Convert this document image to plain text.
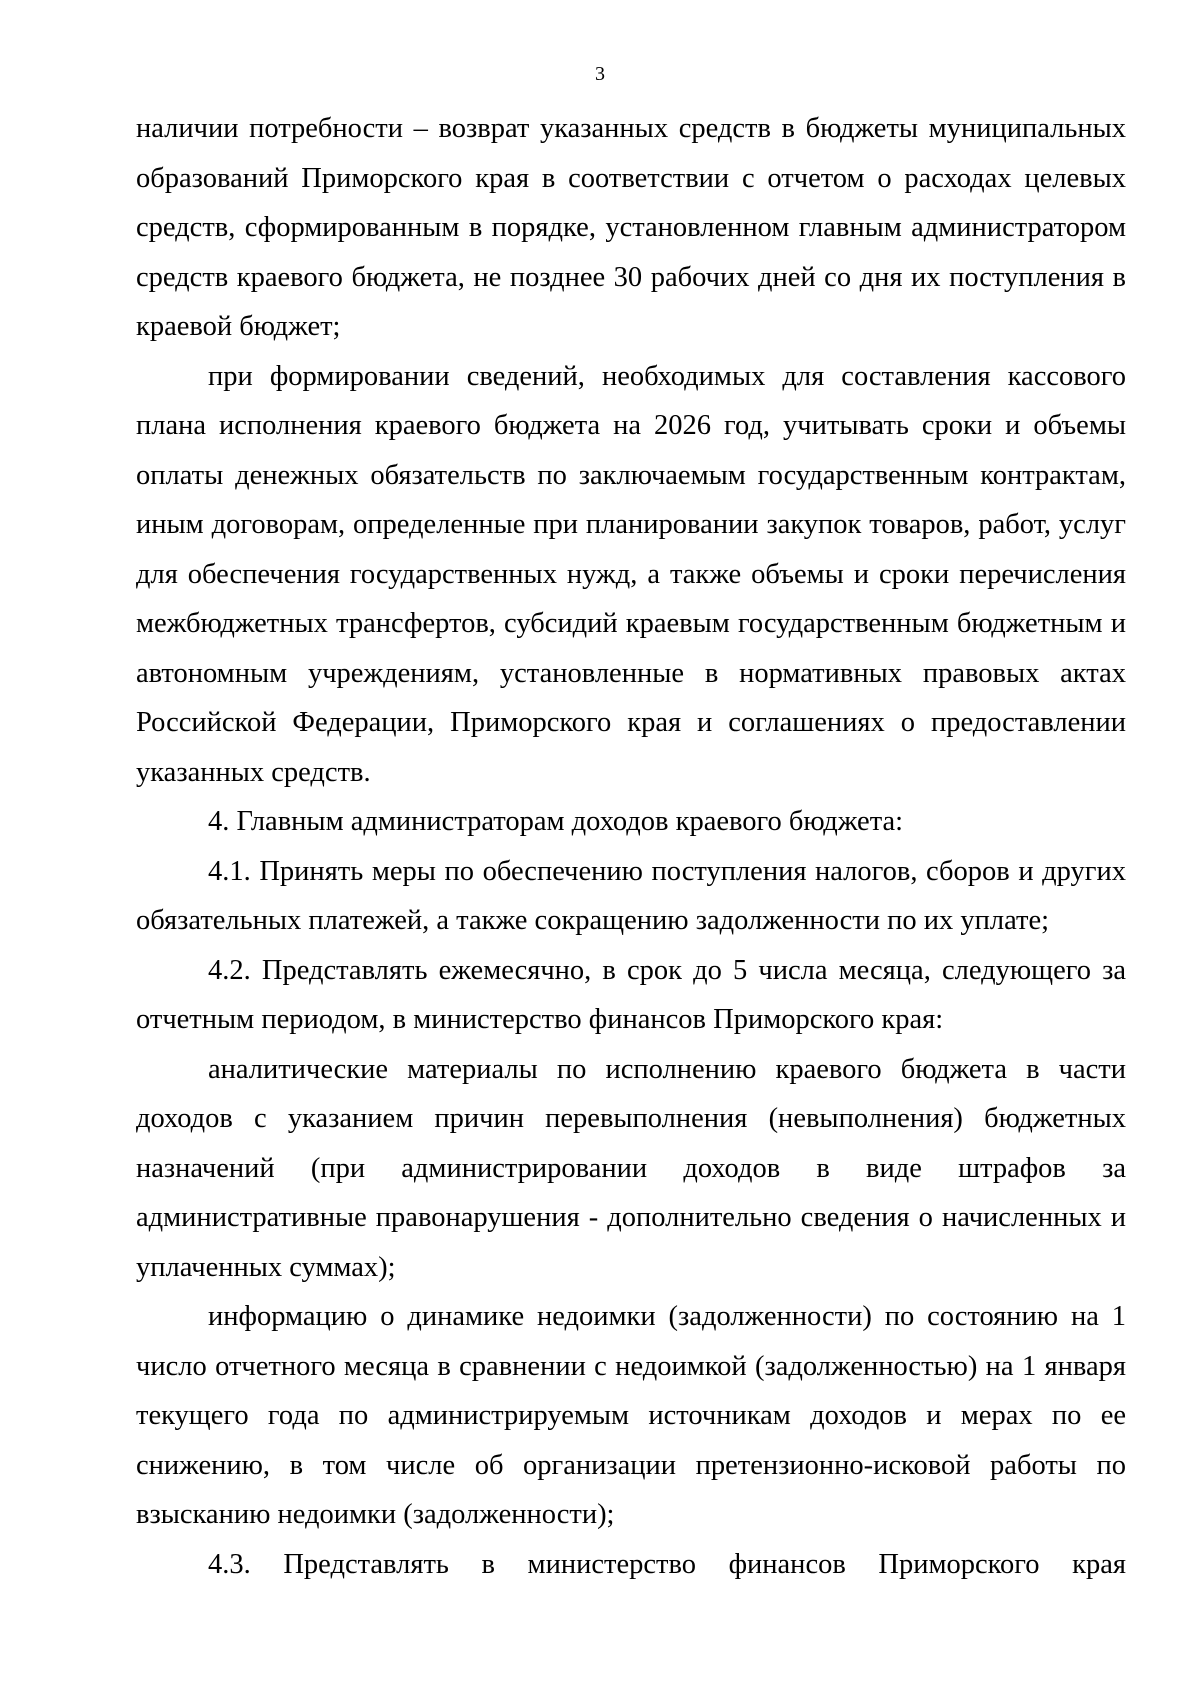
3

наличии потребности – возврат указанных средств в бюджеты муниципальных образований Приморского края в соответствии с отчетом о расходах целевых средств, сформированным в порядке, установленном главным администратором средств краевого бюджета, не позднее 30 рабочих дней со дня их поступления в краевой бюджет;

при формировании сведений, необходимых для составления кассового плана исполнения краевого бюджета на 2026 год, учитывать сроки и объемы оплаты денежных обязательств по заключаемым государственным контрактам, иным договорам, определенные при планировании закупок товаров, работ, услуг для обеспечения государственных нужд, а также объемы и сроки перечисления межбюджетных трансфертов, субсидий краевым государственным бюджетным и автономным учреждениям, установленные в нормативных правовых актах Российской Федерации, Приморского края и соглашениях о предоставлении указанных средств.

4. Главным администраторам доходов краевого бюджета:

4.1. Принять меры по обеспечению поступления налогов, сборов и других обязательных платежей, а также сокращению задолженности по их уплате;

4.2. Представлять ежемесячно, в срок до 5 числа месяца, следующего за отчетным периодом, в министерство финансов Приморского края:

аналитические материалы по исполнению краевого бюджета в части доходов с указанием причин перевыполнения (невыполнения) бюджетных назначений (при администрировании доходов в виде штрафов за административные правонарушения - дополнительно сведения о начисленных и уплаченных суммах);

информацию о динамике недоимки (задолженности) по состоянию на 1 число отчетного месяца в сравнении с недоимкой (задолженностью) на 1 января текущего года по администрируемым источникам доходов и мерах по ее снижению, в том числе об организации претензионно-исковой работы по взысканию недоимки (задолженности);

4.3. Представлять в министерство финансов Приморского края
